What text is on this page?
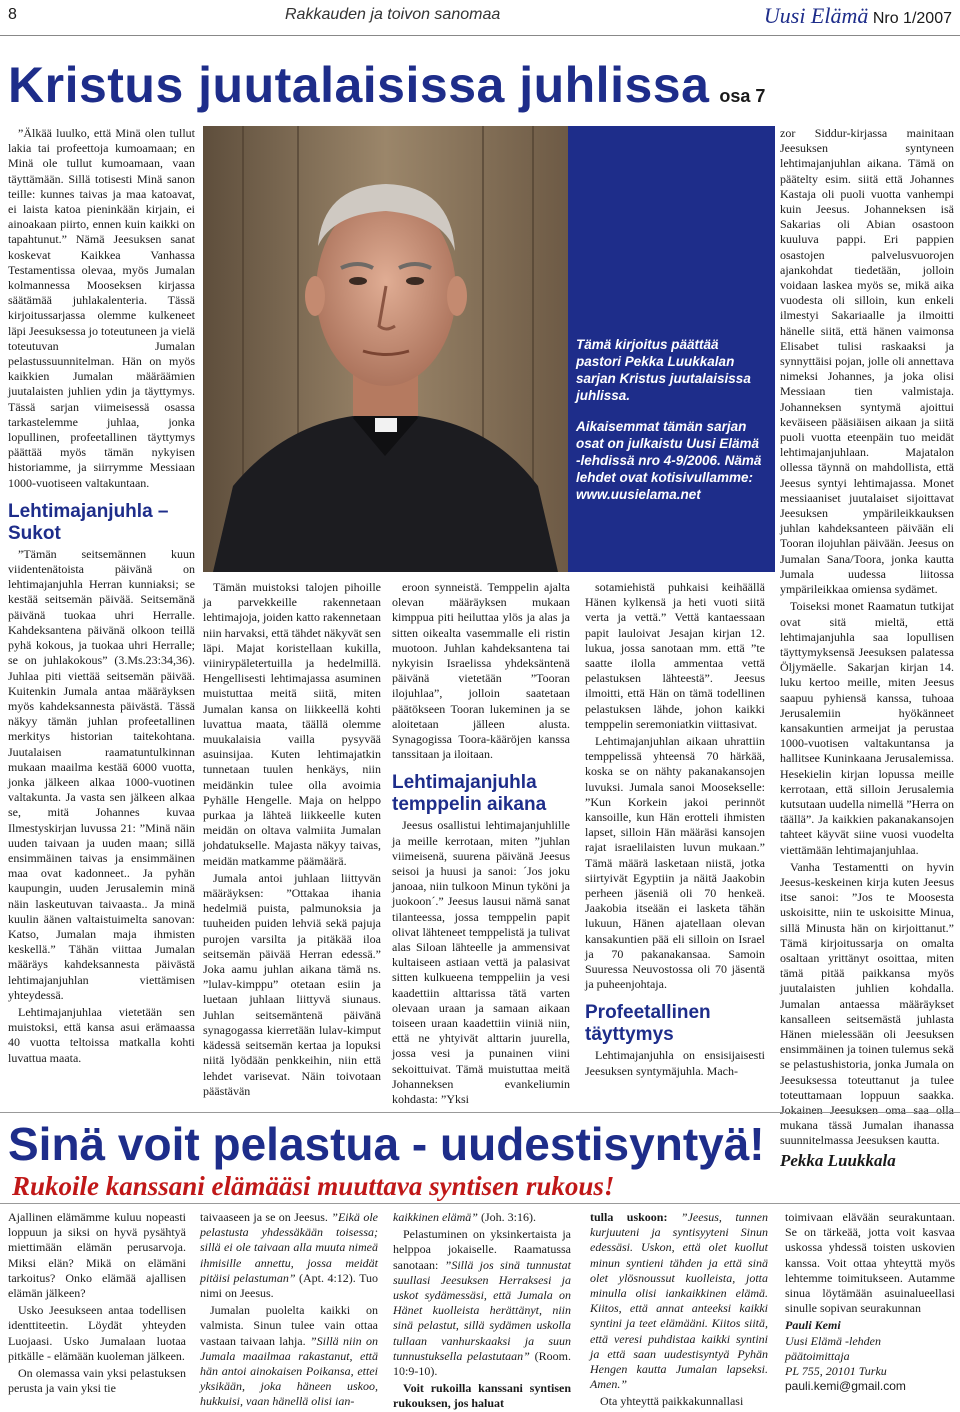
8	Rakkauden ja toivon sanomaa	Uusi Elämä Nro 1/2007
Kristus juutalaisissa juhlissa osa 7

”Älkää luulko, että Minä olen tullut lakia tai profeettoja kumoamaan; en Minä ole tullut kumoamaan, vaan täyttämään. Sillä totisesti Minä sanon teille: kunnes taivas ja maa katoavat, ei laista katoa pieninkään kirjain, ei ainoakaan piirto, ennen kuin kaikki on tapahtunut.” Nämä Jeesuksen sanat koskevat Kaikkea Vanhassa Testamentissa olevaa, myös Jumalan kolmannessa Mooseksen kirjassa säätämää juhlakalenteria. Tässä kirjoitussarjassa olemme kulkeneet läpi Jeesuksessa jo toteutuneen ja vielä toteutuvan Jumalan pelastussuunnitelman. Hän on myös kaikkien Jumalan määräämien juutalaisten juhlien ydin ja täyttymys. Tässä sarjan viimeisessä osassa tarkastelemme juhlaa, jonka lopullinen, profeetallinen täyttymys päättää myös tämän nykyisen historiamme, ja siirrymme Messiaan 1000-vuotiseen valtakuntaan.

Lehtimajanjuhla – Sukot

”Tämän seitsemännen kuun viidentenätoista päivänä on lehtimajanjuhla Herran kunniaksi; se kestää seitsemän päivää. Seitsemänä päivänä tuokaa uhri Herralle. Kahdeksantena päivänä olkoon teillä pyhä kokous, ja tuokaa uhri Herralle; se on juhlakokous” (3.Ms.23:34,36). Juhlaa piti viettää seitsemän päivää. Kuitenkin Jumala antaa määräyksen myös kahdeksannesta päivästä. Tässä näkyy tämän juhlan profeetallinen merkitys historian taitekohtana. Juutalaisen raamatuntulkinnan mukaan maailma kestää 6000 vuotta, jonka jälkeen alkaa 1000-vuotinen valtakunta. Ja vasta sen jälkeen alkaa se, mitä Johannes kuvaa Ilmestyskirjan luvussa 21: ”Minä näin uuden taivaan ja uuden maan; sillä ensimmäinen taivas ja ensimmäinen maa ovat kadonneet.. Ja pyhän kaupungin, uuden Jerusalemin minä näin laskeutuvan taivaasta.. Ja minä kuulin äänen valtaistuimelta sanovan: Katso, Jumalan maja ihmisten keskellä.” Tähän viittaa Jumalan määräys kahdeksannesta päivästä lehtimajanjuhlan viettämisen yhteydessä.

Lehtimajanjuhlaa vietetään sen muistoksi, että kansa asui erämaassa 40 vuotta teltoissa matkalla kohti luvattua maata.

Tämä kirjoitus päättää pastori Pekka Luukkalan sarjan Kristus juutalaisissa juhlissa.

Aikaisemmat tämän sarjan osat on julkaistu Uusi Elämä -lehdissä nro 4-9/2006. Nämä lehdet ovat kotisivullamme: www.uusielama.net

Tämän muistoksi talojen pihoille ja parvekkeille rakennetaan lehtimajoja, joiden katto rakennetaan niin harvaksi, että tähdet näkyvät sen läpi. Majat koristellaan kukilla, viinirypäletertuilla ja hedelmillä. Hengellisesti lehtimajassa asuminen muistuttaa meitä siitä, miten Jumalan kansa on liikkeellä kohti luvattua maata, täällä olemme muukalaisia vailla pysyvää asuinsijaa. Kuten lehtimajatkin tunnetaan tuulen henkäys, niin meidänkin tulee olla avoimia Pyhälle Hengelle. Maja on helppo purkaa ja lähteä liikkeelle kuten meidän on oltava valmiita Jumalan johdatukselle. Majasta näkyy taivas, meidän matkamme päämäärä.

Jumala antoi juhlaan liittyvän määräyksen: ”Ottakaa ihania hedelmiä puista, palmunoksia ja tuuheiden puiden lehviä sekä pajuja purojen varsilta ja pitäkää iloa seitsemän päivää Herran edessä.” Joka aamu juhlan aikana tämä ns. ”lulav-kimppu” otetaan esiin ja luetaan juhlaan liittyvä siunaus. Juhlan seitsemäntenä päivänä synagogassa kierretään lulav-kimput kädessä seitsemän kertaa ja lopuksi niitä lyödään penkkeihin, niin että lehdet varisevat. Näin toivotaan päästävän

eroon synneistä. Temppelin ajalta olevan määräyksen mukaan kimppua piti heiluttaa ylös ja alas ja sitten oikealta vasemmalle eli ristin muotoon. Juhlan kahdeksantena tai nykyisin Israelissa yhdeksäntenä päivänä vietetään ”Tooran ilojuhlaa”, jolloin saatetaan päätökseen Tooran lukeminen ja se aloitetaan jälleen alusta. Synagogissa Toora-kääröjen kanssa tanssitaan ja iloitaan.

Lehtimajanjuhla temppelin aikana

Jeesus osallistui lehtimajanjuhlille ja meille kerrotaan, miten ”juhlan viimeisenä, suurena päivänä Jeesus seisoi ja huusi ja sanoi: ´Jos joku janoaa, niin tulkoon Minun tyköni ja juokoon´.” Jeesus lausui nämä sanat tilanteessa, jossa temppelin papit olivat lähteneet temppelistä ja tulivat alas Siloan lähteelle ja ammensivat kultaiseen astiaan vettä ja palasivat sitten kulkueena temppeliin ja vesi kaadettiin alttarissa tätä varten olevaan uraan ja samaan aikaan toiseen uraan kaadettiin viiniä niin, että ne yhtyivät alttarin juurella, jossa vesi ja punainen viini sekoittuivat. Tämä muistuttaa meitä Johanneksen evankeliumin kohdasta: ”Yksi

sotamiehistä puhkaisi keihäällä Hänen kylkensä ja heti vuoti siitä verta ja vettä.” Vettä kantaessaan papit lauloivat Jesajan kirjan 12. lukua, jossa sanotaan mm. että ”te saatte ilolla ammentaa vettä pelastuksen lähteestä”. Jeesus ilmoitti, että Hän on tämä todellinen pelastuksen lähde, johon kaikki temppelin seremoniatkin viittasivat.

Lehtimajanjuhlan aikaan uhrattiin temppelissä yhteensä 70 härkää, koska se on nähty pakanakansojen luvuksi. Jumala sanoi Moosekselle: ”Kun Korkein jakoi perinnöt kansoille, kun Hän erotteli ihmisten lapset, silloin Hän määräsi kansojen rajat israelilaisten luvun mukaan.” Tämä määrä lasketaan niistä, jotka siirtyivät Egyptiin ja näitä Jaakobin perheen jäseniä oli 70 henkeä. Jaakobia itseään ei lasketa tähän lukuun, Hänen ajatellaan olevan kansakuntien pää eli silloin on Israel ja 70 pakanakansaa. Samoin Suuressa Neuvostossa oli 70 jäsentä ja puheenjohtaja.

Profeetallinen täyttymys

Lehtimajanjuhla on ensisijaisesti Jeesuksen syntymäjuhla. Mach-

zor Siddur-kirjassa mainitaan Jeesuksen syntyneen lehtimajanjuhlan aikana. Tämä on päätelty esim. siitä että Johannes Kastaja oli puoli vuotta vanhempi kuin Jeesus. Johanneksen isä Sakarias oli Abian osastoon kuuluva pappi. Eri pappien osastojen palvelusvuorojen ajankohdat tiedetään, jolloin voidaan laskea myös se, mikä aika vuodesta oli silloin, kun enkeli ilmestyi Sakariaalle ja ilmoitti hänelle siitä, että hänen vaimonsa Elisabet tulisi raskaaksi ja synnyttäisi pojan, jolle oli annettava nimeksi Johannes, ja joka olisi Messiaan tien valmistaja. Johanneksen syntymä ajoittui keväiseen pääsiäisen aikaan ja siitä puoli vuotta eteenpäin tuo meidät lehtimajanjuhlaan. Majatalon ollessa täynnä on mahdollista, että Jeesus syntyi lehtimajassa. Monet messiaaniset juutalaiset sijoittavat Jeesuksen ympärileikkauksen juhlan kahdeksanteen päivään eli Tooran ilojuhlan päivään. Jeesus on Jumalan Sana/Toora, jonka kautta Jumala uudessa liitossa ympärileikkaa omiensa sydämet.

Toiseksi monet Raamatun tutkijat ovat sitä mieltä, että lehtimajanjuhla saa lopullisen täyttymyksensä Jeesuksen palatessa Öljymäelle. Sakarjan kirjan 14. luku kertoo meille, miten Jeesus saapuu pyhiensä kanssa, tuhoaa Jerusalemiin hyökänneet kansakuntien armeijat ja perustaa 1000-vuotisen valtakuntansa ja hallitsee Kuninkaana Jerusalemissa. Hesekielin kirjan lopussa meille kerrotaan, että silloin Jerusalemia kutsutaan uudella nimellä ”Herra on täällä”. Ja kaikkien pakanakansojen tahteet käyvät siine vuosi vuodelta viettämään lehtimajanjuhlaa.

Vanha Testamentti on hyvin Jeesus-keskeinen kirja kuten Jeesus itse sanoi: ”Jos te Moosesta uskoisitte, niin te uskoisitte Minua, sillä Minusta hän on kirjoittanut.” Tämä kirjoitussarja on omalta osaltaan yrittänyt osoittaa, miten tämä pitää paikkansa myös juutalaisten juhlien kohdalla. Jumalan antaessa määräykset kansalleen seitsemästä juhlasta Hänen mielessään oli Jeesuksen ensimmäinen ja toinen tulemus sekä se pelastushistoria, jonka Jumala on Jeesuksessa toteuttanut ja tulee toteuttamaan loppuun saakka. Jokainen Jeesuksen oma saa olla mukana tässä Jumalan ihanassa suunnitelmassa Jeesuksen kautta.

Pekka Luukkala

Sinä voit pelastua - uudestisyntyä!
Rukoile kanssani elämääsi muuttava syntisen rukous!

Ajallinen elämämme kuluu nopeasti loppuun ja siksi on hyvä pysähtyä miettimään elämän perusarvoja. Miksi elän? Mikä on elämäni tarkoitus? Onko elämää ajallisen elämän jälkeen?

Usko Jeesukseen antaa todellisen identtiteetin. Löydät yhteyden Luojaasi. Usko Jumalaan luotaa pitkälle - elämään kuoleman jälkeen.

On olemassa vain yksi pelastuksen perusta ja vain yksi tie

taivaaseen ja se on Jeesus. ”Eikä ole pelastusta yhdessäkään toisessa; sillä ei ole taivaan alla muuta nimeä ihmisille annettu, jossa meidät pitäisi pelastuman” (Apt. 4:12). Tuo nimi on Jeesus.

Jumalan puolelta kaikki on valmista. Sinun tulee vain ottaa vastaan taivaan lahja. ”Sillä niin on Jumala maailmaa rakastanut, että hän antoi ainokaisen Poikansa, ettei yksikään, joka häneen uskoo, hukkuisi, vaan hänellä olisi ian-

kaikkinen elämä” (Joh. 3:16).

Pelastuminen on yksinkertaista ja helppoa jokaiselle. Raamatussa sanotaan: ”Sillä jos sinä tunnustat suullasi Jeesuksen Herraksesi ja uskot sydämessäsi, että Jumala on Hänet kuolleista herättänyt, niin sinä pelastut, sillä sydämen uskolla tullaan vanhurskaaksi ja suun tunnustuksella pelastutaan” (Room. 10:9-10).

Voit rukoilla kanssani syntisen rukouksen, jos haluat

tulla uskoon: ”Jeesus, tunnen kurjuuteni ja syntisyyteni Sinun edessäsi. Uskon, että olet kuollut minun syntieni tähden ja että sinä olet ylösnoussut kuolleista, jotta minulla olisi iankaikkinen elämä. Kiitos, että annat anteeksi kaikki syntini ja teet elämääni. Kiitos siitä, että veresi puhdistaa kaikki syntini ja että saan uudestisyntyä Pyhän Hengen kautta Jumalan lapseksi. Amen.”

Ota yhteyttä paikkakunnallasi

toimivaan elävään seurakuntaan. Se on tärkeää, jotta voit kasvaa uskossa yhdessä toisten uskovien kanssa. Voit ottaa yhteyttä myös lehtemme toimitukseen. Autamme sinua löytämään asuinalueellasi sinulle sopivan seurakunnan

Pauli Kemi

Uusi Elämä -lehden

päätoimittaja

PL 755, 20101 Turku

pauli.kemi@gmail.com
